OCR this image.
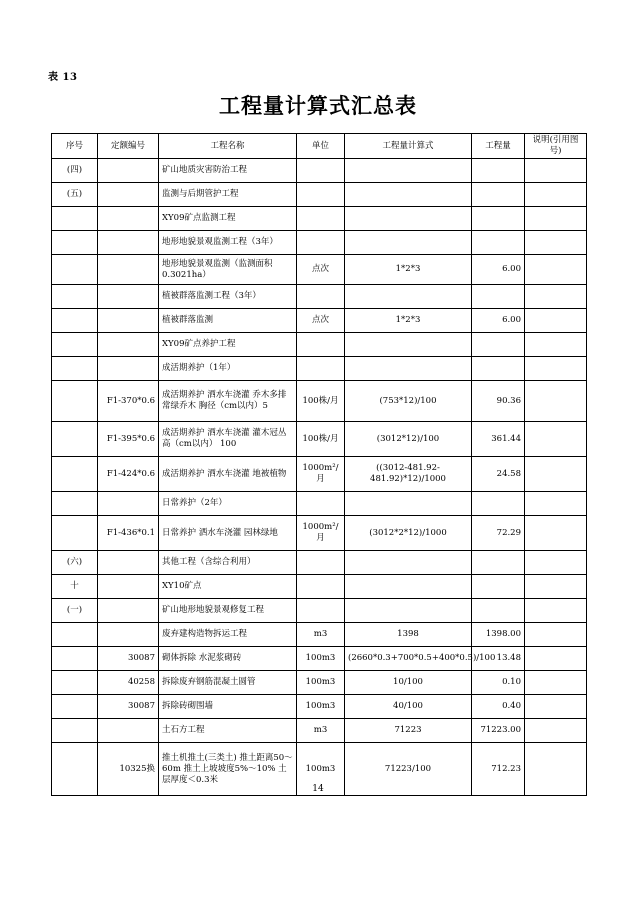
表 13
工程量计算式汇总表
序号	定额编号	工程名称	单位	工程量计算式	工程量	说明(引用图号)
(四)		矿山地质灾害防治工程				
(五)		监测与后期管护工程				
		XY09矿点监测工程				
		地形地貌景观监测工程（3年）				
		地形地貌景观监测（监测面积0.3021ha）	点次	1*2*3	6.00	
		植被群落监测工程（3年）				
		植被群落监测	点次	1*2*3	6.00	
		XY09矿点养护工程				
		成活期养护（1年）				
	F1-370*0.6	成活期养护 洒水车浇灌 乔木多排常绿乔木 胸径（cm以内）5	100株/月	(753*12)/100	90.36	
	F1-395*0.6	成活期养护 洒水车浇灌 灌木冠丛高（cm以内） 100	100株/月	(3012*12)/100	361.44	
	F1-424*0.6	成活期养护 洒水车浇灌 地被植物	1000m²/月	((3012-481.92-481.92)*12)/1000	24.58	
		日常养护（2年）				
	F1-436*0.1	日常养护 洒水车浇灌 园林绿地	1000m²/月	(3012*2*12)/1000	72.29	
(六)		其他工程（含综合利用）				
十		XY10矿点				
(一)		矿山地形地貌景观修复工程				
		废弃建构造物拆运工程	m3	1398	1398.00	
	30087	砌体拆除 水泥浆砌砖	100m3	(2660*0.3+700*0.5+400*0.5)/100	13.48	
	40258	拆除废弃钢筋混凝土圆管	100m3	10/100	0.10	
	30087	拆除砖砌围墙	100m3	40/100	0.40	
		土石方工程	m3	71223	71223.00	
	10325换	推土机推土(三类土) 推土距离50～60m 推土上坡坡度5%～10% 土层厚度＜0.3米	100m3	71223/100	712.23	
14
